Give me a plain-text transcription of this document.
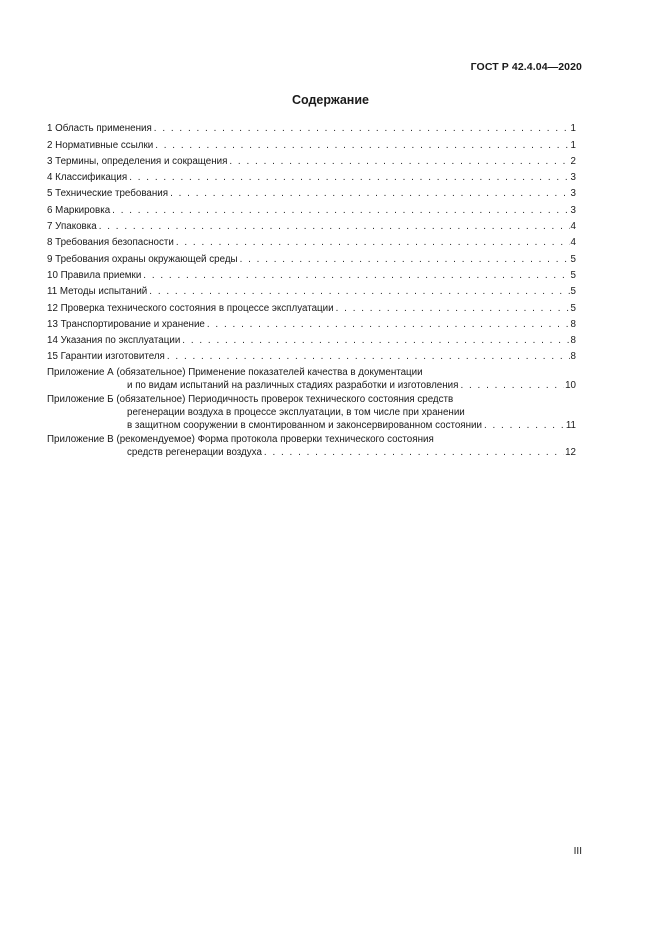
ГОСТ Р 42.4.04—2020
Содержание
1 Область применения . . .	1
2 Нормативные ссылки . . .	1
3 Термины, определения и сокращения . . .	2
4 Классификация . . .	3
5 Технические требования . . .	3
6 Маркировка . . .	3
7 Упаковка . . .	4
8 Требования безопасности . . .	4
9 Требования охраны окружающей среды . . .	5
10 Правила приемки . . .	5
11 Методы испытаний . . .	5
12 Проверка технического состояния в процессе эксплуатации . . .	5
13 Транспортирование и хранение . . .	8
14 Указания по эксплуатации . . .	8
15 Гарантии изготовителя . . .	8
Приложение А (обязательное) Применение показателей качества в документации
и по видам испытаний на различных стадиях разработки и изготовления . . .	10
Приложение Б (обязательное) Периодичность проверок технического состояния средств
регенерации воздуха в процессе эксплуатации, в том числе при хранении
в защитном сооружении в смонтированном и законсервированном состоянии . . .	11
Приложение В (рекомендуемое) Форма протокола проверки технического состояния
средств регенерации воздуха . . .	12
III
